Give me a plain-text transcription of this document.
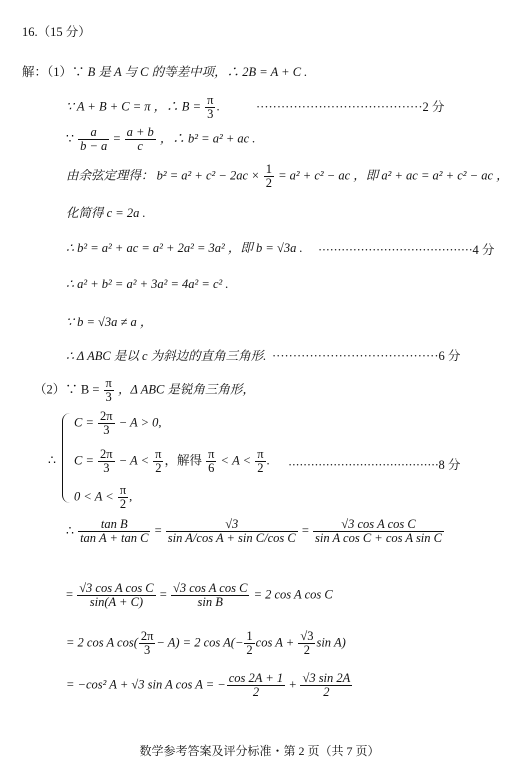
16.（15 分）
解：（1）∵ B 是 A 与 C 的等差中项，∴ 2B = A + C .
∵ A + B + C = π ，∴ $B = \frac{\pi}{3}$ .	········································2 分
∵ $\frac{a}{b - a} = \frac{a + b}{c}$ ，∴ b² = a² + ac .
由余弦定理得： $b^2 = a^2 + c^2 - 2ac \times \frac{1}{2} = a^2 + c^2$ − ac ，即 a² + ac = a² + c² − ac ，
化简得 c = 2a .
∴ b² = a² + ac = a² + 2a² = 3a² ，即 b = √3a . ········································4 分
∴ a² + b² = a² + 3a² = 4a² = c² .
∵ b = √3a ≠ a ，
∴ Δ ABC 是以 c 为斜边的直角三角形. ········································6 分
（2）∵ $B = \frac{\pi}{3}$ ，Δ ABC 是锐角三角形，
∴
$C = \frac{2\pi}{3} - A > 0$,
$C = \frac{2\pi}{3} - A < \frac{\pi}{2}$ ，解得 $\frac{\pi}{6} < A < \frac{\pi}{2}$ . ········································8 分
$0 < A < \frac{\pi}{2}$ ,
∴ $\frac{\text{tan B}}{\text{tan A + tan C}} = \frac{√3}{\text{sin A/cos A + sin C/cos C}} = \frac{\text{√3 cos A cos C}}{\text{sin A cos C + cos A sin C}}$
= $\frac{\text{√3 cos A cos C}}{\sin(A + C)} = \frac{\text{√3 cos A cos C}}{\text{sin B}} = 2$ cos A cos C
= 2 cos A $\cos( \frac{2\pi}{3} - A) = 2$ $\cos A(- \frac{1}{2}$ $\cos A + \frac{√3}{2}$ sin A)
= −cos² A + √3 sin A cos A = − $\frac{\cos 2A + 1}{2} + \frac{√3 \sin 2A}{2}$
数学参考答案及评分标准・第 2 页（共 7 页）
